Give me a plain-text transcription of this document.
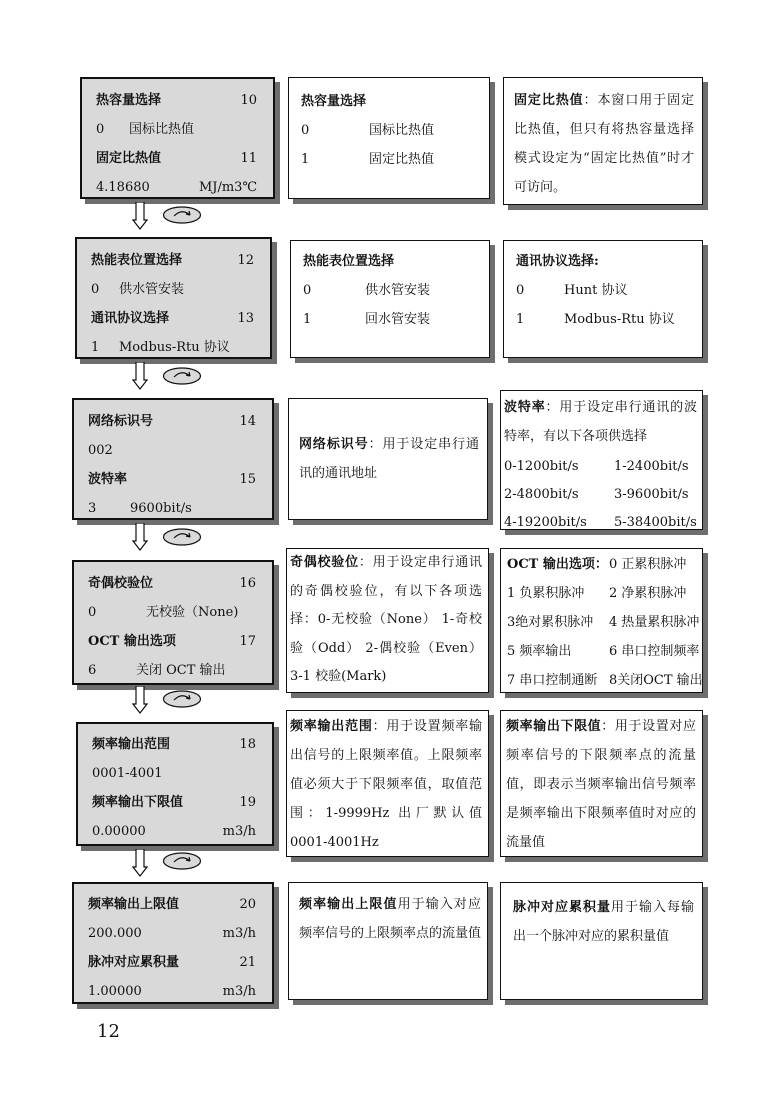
热容量选择	10
0 国标比热值
固定比热值	11
4.18680	MJ/m3℃
热容量选择
0	国标比热值
1	固定比热值
固定比热值：本窗口用于固定比热值，但只有将热容量选择模式设定为“固定比热值”时才可访问。
热能表位置选择	12
0 供水管安装
通讯协议选择	13
1 Modbus-Rtu 协议
热能表位置选择
0	供水管安装
1	回水管安装
通讯协议选择:
0	Hunt 协议
1	Modbus-Rtu 协议
网络标识号	14
002
波特率	15
3	9600bit/s
网络标识号：用于设定串行通讯的通讯地址
波特率：用于设定串行通讯的波特率，有以下各项供选择
0-1200bit/s	1-2400bit/s
2-4800bit/s	3-9600bit/s
4-19200bit/s 5-38400bit/s
奇偶校验位	16
0	无校验（None)
OCT 输出选项	17
6	关闭 OCT 输出
奇偶校验位：用于设定串行通讯的奇偶校验位，有以下各项选择：0-无校验（None） 1-奇校验（Odd） 2-偶校验（Even） 3-1 校验(Mark)
OCT 输出选项： 0 正累积脉冲
1 负累积脉冲 2 净累积脉冲
3绝对累积脉冲 4 热量累积脉冲
5 频率输出	6 串口控制频率
7 串口控制通断 8关闭OCT 输出
频率输出范围	18
0001-4001
频率输出下限值	19
0.00000	m3/h
频率输出范围：用于设置频率输出信号的上限频率值。上限频率值必须大于下限频率值，取值范围：1-9999Hz 出厂默认值 0001-4001Hz
频率输出下限值：用于设置对应频率信号的下限频率点的流量值，即表示当频率输出信号频率是频率输出下限频率值时对应的流量值
频率输出上限值	20
200.000	m3/h
脉冲对应累积量	21
1.00000	m3/h
频率输出上限值用于输入对应频率信号的上限频率点的流量值
脉冲对应累积量用于输入每输出一个脉冲对应的累积量值
12
